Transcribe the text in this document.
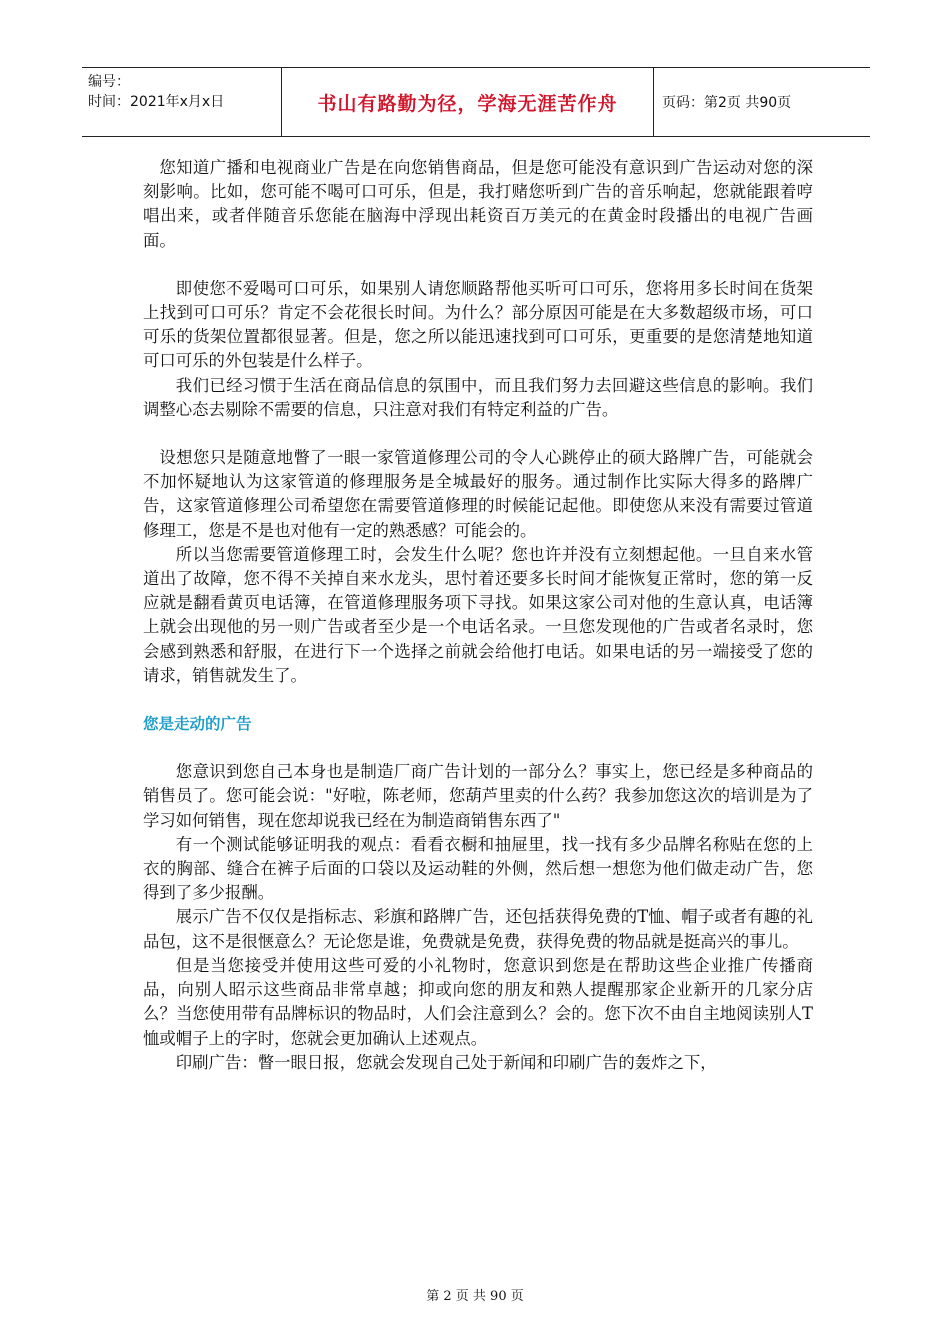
编号：
时间：2021年x月x日	书山有路勤为径，学海无涯苦作舟	页码：第2页 共90页

您知道广播和电视商业广告是在向您销售商品，但是您可能没有意识到广告运动对您的深刻影响。比如，您可能不喝可口可乐，但是，我打赌您听到广告的音乐响起，您就能跟着哼唱出来，或者伴随音乐您能在脑海中浮现出耗资百万美元的在黄金时段播出的电视广告画面。

即使您不爱喝可口可乐，如果别人请您顺路帮他买听可口可乐，您将用多长时间在货架上找到可口可乐？肯定不会花很长时间。为什么？部分原因可能是在大多数超级市场，可口可乐的货架位置都很显著。但是，您之所以能迅速找到可口可乐，更重要的是您清楚地知道可口可乐的外包装是什么样子。

我们已经习惯于生活在商品信息的氛围中，而且我们努力去回避这些信息的影响。我们调整心态去剔除不需要的信息，只注意对我们有特定利益的广告。

设想您只是随意地瞥了一眼一家管道修理公司的令人心跳停止的硕大路牌广告，可能就会不加怀疑地认为这家管道的修理服务是全城最好的服务。通过制作比实际大得多的路牌广告，这家管道修理公司希望您在需要管道修理的时候能记起他。即使您从来没有需要过管道修理工，您是不是也对他有一定的熟悉感？可能会的。

所以当您需要管道修理工时，会发生什么呢？您也许并没有立刻想起他。一旦自来水管道出了故障，您不得不关掉自来水龙头，思忖着还要多长时间才能恢复正常时，您的第一反应就是翻看黄页电话簿，在管道修理服务项下寻找。如果这家公司对他的生意认真，电话簿上就会出现他的另一则广告或者至少是一个电话名录。一旦您发现他的广告或者名录时，您会感到熟悉和舒服，在进行下一个选择之前就会给他打电话。如果电话的另一端接受了您的请求，销售就发生了。

您是走动的广告

您意识到您自己本身也是制造厂商广告计划的一部分么？事实上，您已经是多种商品的销售员了。您可能会说："好啦，陈老师，您葫芦里卖的什么药？我参加您这次的培训是为了学习如何销售，现在您却说我已经在为制造商销售东西了"

有一个测试能够证明我的观点：看看衣橱和抽屉里，找一找有多少品牌名称贴在您的上衣的胸部、缝合在裤子后面的口袋以及运动鞋的外侧，然后想一想您为他们做走动广告，您得到了多少报酬。

展示广告不仅仅是指标志、彩旗和路牌广告，还包括获得免费的T恤、帽子或者有趣的礼品包，这不是很惬意么？无论您是谁，免费就是免费，获得免费的物品就是挺高兴的事儿。

但是当您接受并使用这些可爱的小礼物时，您意识到您是在帮助这些企业推广传播商品，向别人昭示这些商品非常卓越；抑或向您的朋友和熟人提醒那家企业新开的几家分店么？当您使用带有品牌标识的物品时，人们会注意到么？会的。您下次不由自主地阅读别人T恤或帽子上的字时，您就会更加确认上述观点。

印刷广告：瞥一眼日报，您就会发现自己处于新闻和印刷广告的轰炸之下，

第 2 页 共 90 页
